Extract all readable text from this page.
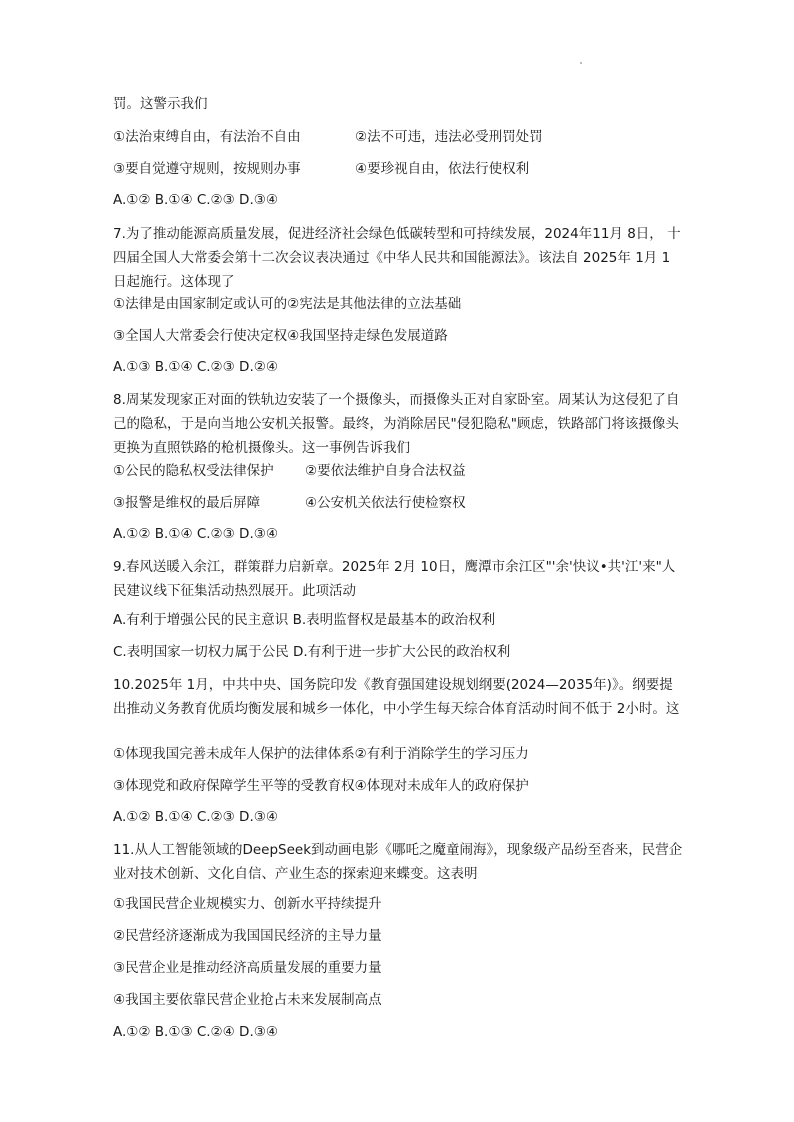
罚。这警示我们
①法治束缚自由，有法治不自由	②法不可违，违法必受刑罚处罚
③要自觉遵守规则，按规则办事	④要珍视自由，依法行使权利
A.①② B.①④ C.②③ D.③④
7.为了推动能源高质量发展，促进经济社会绿色低碳转型和可持续发展，2024年11月 8日， 十四届全国人大常委会第十二次会议表决通过《中华人民共和国能源法》。该法自 2025年 1月 1 日起施行。这体现了
①法律是由国家制定或认可的②宪法是其他法律的立法基础
③全国人大常委会行使决定权④我国坚持走绿色发展道路
A.①③ B.①④ C.②③ D.②④
8.周某发现家正对面的铁轨边安装了一个摄像头，而摄像头正对自家卧室。周某认为这侵犯了自己的隐私，于是向当地公安机关报警。最终，为消除居民"侵犯隐私"顾虑，铁路部门将该摄像头更换为直照铁路的枪机摄像头。这一事例告诉我们
①公民的隐私权受法律保护 ②要依法维护自身合法权益
③报警是维权的最后屏障	④公安机关依法行使检察权
A.①② B.①④ C.②③ D.③④
9.春风送暖入余江，群策群力启新章。2025年 2月 10日，鹰潭市余江区"'余'快议•共'江'来"人民建议线下征集活动热烈展开。此项活动
A.有利于增强公民的民主意识 B.表明监督权是最基本的政治权利
C.表明国家一切权力属于公民 D.有利于进一步扩大公民的政治权利
10.2025年 1月，中共中央、国务院印发《教育强国建设规划纲要(2024—2035年)》。纲要提 出推动义务教育优质均衡发展和城乡一体化，中小学生每天综合体育活动时间不低于 2小时。这
①体现我国完善未成年人保护的法律体系②有利于消除学生的学习压力
③体现党和政府保障学生平等的受教育权④体现对未成年人的政府保护
A.①② B.①④ C.②③ D.③④
11.从人工智能领域的DeepSeek到动画电影《哪吒之魔童闹海》，现象级产品纷至沓来，民营企业对技术创新、文化自信、产业生态的探索迎来蝶变。这表明
①我国民营企业规模实力、创新水平持续提升
②民营经济逐渐成为我国国民经济的主导力量
③民营企业是推动经济高质量发展的重要力量
④我国主要依靠民营企业抢占未来发展制高点
A.①② B.①③ C.②④ D.③④
